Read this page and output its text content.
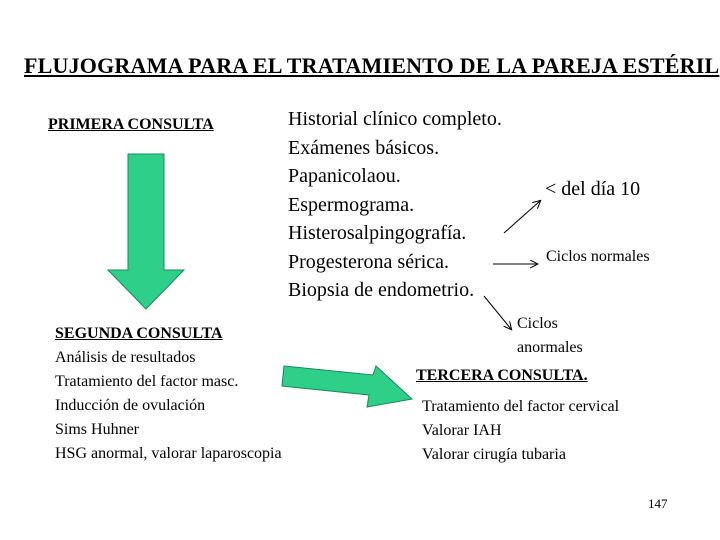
FLUJOGRAMA PARA EL TRATAMIENTO DE LA PAREJA ESTÉRIL
PRIMERA CONSULTA	Historial clínico completo.
Exámenes básicos.
Papanicolaou.
Espermograma.
Histerosalpingografía.
Progesterona sérica.
Biopsia de endometrio.
< del día 10
Ciclos normales
Ciclos
anormales
SEGUNDA CONSULTA
Análisis de resultados
Tratamiento del factor masc.
Inducción de ovulación
Sims Huhner
HSG anormal, valorar laparoscopia
TERCERA CONSULTA.
Tratamiento del factor cervical
Valorar IAH
Valorar cirugía tubaria
147
